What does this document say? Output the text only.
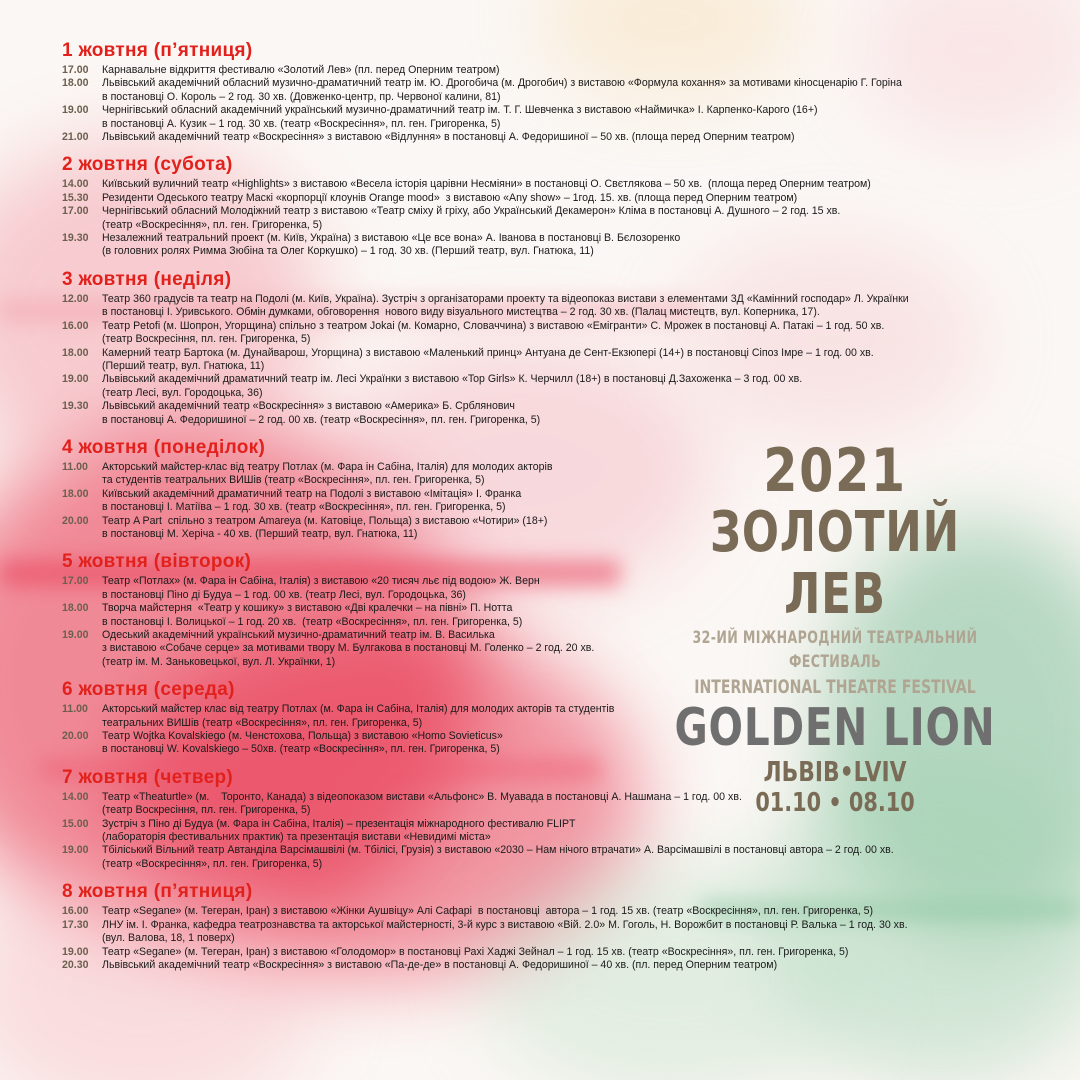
1 жовтня (п’ятниця)
17.00	Карнавальне відкриття фестивалю «Золотий Лев» (пл. перед Оперним театром)
18.00	Львівський академічний обласний музично-драматичний театр ім. Ю. Дрогобича (м. Дрогобич) з виставою «Формула кохання» за мотивами кіносценарію Г. Горіна
в постановці О. Король – 2 год. 30 хв. (Довженко-центр, пр. Червоної калини, 81)
19.00	Чернігівський обласний академічний український музично-драматичний театр ім. Т. Г. Шевченка з виставою «Наймичка» І. Карпенко-Карого (16+)
в постановці А. Кузик – 1 год. 30 хв. (театр «Воскресіння», пл. ген. Григоренка, 5)
21.00	Львівський академічний театр «Воскресіння» з виставою «Відлуння» в постановці А. Федоришиної – 50 хв. (площа перед Оперним театром)
2 жовтня (субота)
14.00	Київський вуличний театр «Highlights» з виставою «Весела історія царівни Несміяни» в постановці О. Свєтлякова – 50 хв.  (площа перед Оперним театром)
15.30	Резиденти Одеського театру Маскі «корпорції клоунів Orange mood»  з виставою «Any show» – 1год. 15. хв. (площа перед Оперним театром)
17.00	Чернігівський обласний Молодіжний театр з виставою «Театр сміху й гріху, або Український Декамерон» Кліма в постановці А. Душного – 2 год. 15 хв.
(театр «Воскресіння», пл. ген. Григоренка, 5)
19.30	Незалежний театральний проект (м. Київ, Україна) з виставою «Це все вона» А. Іванова в постановці В. Бєлозоренко
(в головних ролях Римма Зюбіна та Олег Коркушко) – 1 год. 30 хв. (Перший театр, вул. Гнатюка, 11)
3 жовтня (неділя)
12.00	Театр 360 градусів та театр на Подолі (м. Київ, Україна). Зустріч з організаторами проекту та відеопоказ вистави з елементами 3Д «Камінний господар» Л. Українки
в постановці І. Уривського. Обмін думками, обговорення  нового виду візуального мистецтва – 2 год. 30 хв. (Палац мистецтв, вул. Коперника, 17).
16.00	Театр Petofi (м. Шопрон, Угорщина) спільно з театром Jokai (м. Комарно, Словаччина) з виставою «Емігранти» С. Мрожек в постановці А. Патакі – 1 год. 50 хв.
(театр Воскресіння, пл. ген. Григоренка, 5)
18.00	Камерний театр Бартока (м. Дунайварош, Угорщина) з виставою «Маленький принц» Антуана де Сент-Екзюпері (14+) в постановці Сіпоз Імре – 1 год. 00 хв.
(Перший театр, вул. Гнатюка, 11)
19.00	Львівський академічний драматичний театр ім. Лесі Українки з виставою «Top Girls» К. Черчилл (18+) в постановці Д.Захоженка – 3 год. 00 хв.
(театр Лесі, вул. Городоцька, 36)
19.30	Львівський академічний театр «Воскресіння» з виставою «Америка» Б. Срблянович
в постановці А. Федоришиної – 2 год. 00 хв. (театр «Воскресіння», пл. ген. Григоренка, 5)
4 жовтня (понеділок)
11.00	Акторський майстер-клас від театру Потлах (м. Фара ін Сабіна, Італія) для молодих акторів
та студентів театральних ВИШів (театр «Воскресіння», пл. ген. Григоренка, 5)
18.00	Київський академічний драматичний театр на Подолі з виставою «Імітація» І. Франка
в постановці І. Матіїва – 1 год. 30 хв. (театр «Воскресіння», пл. ген. Григоренка, 5)
20.00	Театр A Part  спільно з театром Amareya (м. Катовіце, Польща) з виставою «Чотири» (18+)
в постановці М. Херіча - 40 хв. (Перший театр, вул. Гнатюка, 11)
5 жовтня (вівторок)
17.00	Театр «Потлах» (м. Фара ін Сабіна, Італія) з виставою «20 тисяч льє під водою» Ж. Верн
в постановці Піно ді Будуа – 1 год. 00 хв. (театр Лесі, вул. Городоцька, 36)
18.00	Творча майстерня  «Театр у кошику» з виставою «Дві кралечки – на півні» П. Нотта
в постановці І. Волицької – 1 год. 20 хв.  (театр «Воскресіння», пл. ген. Григоренка, 5)
19.00	Одеський академічний український музично-драматичний театр ім. В. Василька
з виставою «Собаче серце» за мотивами твору М. Булгакова в постановці М. Голенко – 2 год. 20 хв.
(театр ім. М. Заньковецької, вул. Л. Українки, 1)
6 жовтня (середа)
11.00	Акторський майстер клас від театру Потлах (м. Фара ін Сабіна, Італія) для молодих акторів та студентів
театральних ВИШів (театр «Воскресіння», пл. ген. Григоренка, 5)
20.00	Театр Wojtka Kovalskiego (м. Ченстохова, Польща) з виставою «Homo Sovieticus»
в постановці W. Kovalskiego – 50хв. (театр «Воскресіння», пл. ген. Григоренка, 5)
7 жовтня (четвер)
14.00	Театр «Theaturtle» (м.    Торонто, Канада) з відеопоказом вистави «Альфонс» В. Муавада в постановці А. Нашмана – 1 год. 00 хв.
(театр Воскресіння, пл. ген. Григоренка, 5)
15.00	Зустріч з Піно ді Будуа (м. Фара ін Сабіна, Італія) – презентація міжнародного фестивалю FLIPT
(лабораторія фестивальних практик) та презентація вистави «Невидимі міста»
19.00	Тбіліський Вільний театр Автанділа Варсімашвілі (м. Тбілісі, Грузія) з виставою «2030 – Нам нічого втрачати» А. Варсімашвілі в постановці автора – 2 год. 00 хв.
(театр «Воскресіння», пл. ген. Григоренка, 5)
8 жовтня (п’ятниця)
16.00	Театр «Segane» (м. Тегеран, Іран) з виставою «Жінки Аушвіцу» Алі Сафарі  в постановці  автора – 1 год. 15 хв. (театр «Воскресіння», пл. ген. Григоренка, 5)
17.30	ЛНУ ім. І. Франка, кафедра театрознавства та акторської майстерності, 3-й курс з виставою «Вій. 2.0» М. Гоголь, Н. Ворожбит в постановці Р. Валька – 1 год. 30 хв.
(вул. Валова, 18, 1 поверх)
19.00	Театр «Segane» (м. Тегеран, Іран) з виставою «Голодомор» в постановці Рахі Хаджі Зейнал – 1 год. 15 хв. (театр «Воскресіння», пл. ген. Григоренка, 5)
20.30	Львівський академічний театр «Воскресіння» з виставою «Па-де-де» в постановці А. Федоришиної – 40 хв. (пл. перед Оперним театром)
2021
ЗОЛОТИЙ ЛЕВ
32-ИЙ МІЖНАРОДНИЙ ТЕАТРАЛЬНИЙ ФЕСТИВАЛЬ
INTERNATIONAL THEATRE FESTIVAL
GOLDEN LION
ЛЬВІВ•LVIV
01.10 • 08.10
